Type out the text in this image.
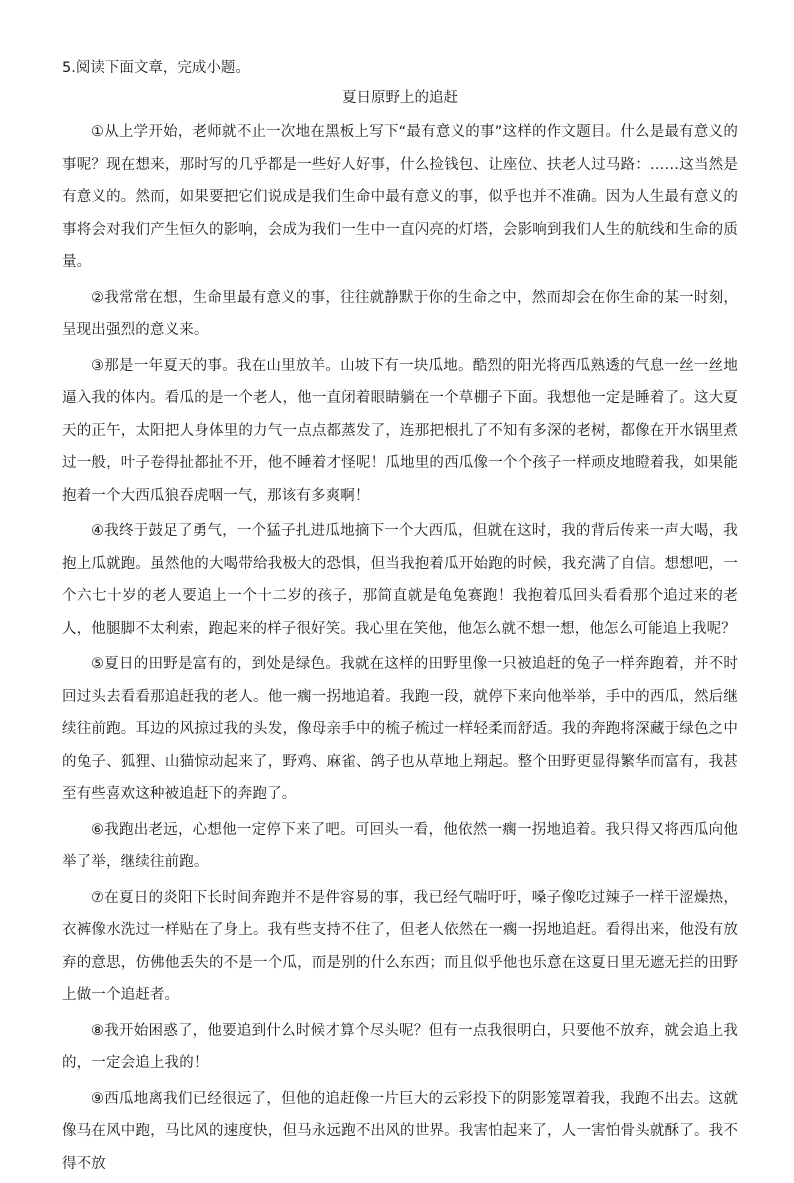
5.阅读下面文章，完成小题。
夏日原野上的追赶

①从上学开始，老师就不止一次地在黑板上写下“最有意义的事”这样的作文题目。什么是最有意义的事呢？现在想来，那时写的几乎都是一些好人好事，什么捡钱包、让座位、扶老人过马路：……这当然是有意义的。然而，如果要把它们说成是我们生命中最有意义的事，似乎也并不准确。因为人生最有意义的事将会对我们产生恒久的影响，会成为我们一生中一直闪亮的灯塔，会影响到我们人生的航线和生命的质量。

②我常常在想，生命里最有意义的事，往往就静默于你的生命之中，然而却会在你生命的某一时刻，呈现出强烈的意义来。

③那是一年夏天的事。我在山里放羊。山坡下有一块瓜地。酷烈的阳光将西瓜熟透的气息一丝一丝地逼入我的体内。看瓜的是一个老人，他一直闭着眼睛躺在一个草棚子下面。我想他一定是睡着了。这大夏天的正午，太阳把人身体里的力气一点点都蒸发了，连那把根扎了不知有多深的老树，都像在开水锅里煮过一般，叶子卷得扯都扯不开，他不睡着才怪呢！瓜地里的西瓜像一个个孩子一样顽皮地瞪着我，如果能抱着一个大西瓜狼吞虎咽一气，那该有多爽啊！

④我终于鼓足了勇气，一个猛子扎进瓜地摘下一个大西瓜，但就在这时，我的背后传来一声大喝，我抱上瓜就跑。虽然他的大喝带给我极大的恐惧，但当我抱着瓜开始跑的时候，我充满了自信。想想吧，一个六七十岁的老人要追上一个十二岁的孩子，那简直就是龟兔赛跑！我抱着瓜回头看看那个追过来的老人，他腿脚不太利索，跑起来的样子很好笑。我心里在笑他，他怎么就不想一想，他怎么可能追上我呢？

⑤夏日的田野是富有的，到处是绿色。我就在这样的田野里像一只被追赶的兔子一样奔跑着，并不时回过头去看看那追赶我的老人。他一瘸一拐地追着。我跑一段，就停下来向他举举，手中的西瓜，然后继续往前跑。耳边的风掠过我的头发，像母亲手中的梳子梳过一样轻柔而舒适。我的奔跑将深藏于绿色之中的兔子、狐狸、山猫惊动起来了，野鸡、麻雀、鸽子也从草地上翔起。整个田野更显得繁华而富有，我甚至有些喜欢这种被追赶下的奔跑了。

⑥我跑出老远，心想他一定停下来了吧。可回头一看，他依然一瘸一拐地追着。我只得又将西瓜向他举了举，继续往前跑。

⑦在夏日的炎阳下长时间奔跑并不是件容易的事，我已经气喘吁吁，嗓子像吃过辣子一样干涩燥热，衣裤像水洗过一样贴在了身上。我有些支持不住了，但老人依然在一瘸一拐地追赶。看得出来，他没有放弃的意思，仿佛他丢失的不是一个瓜，而是别的什么东西；而且似乎他也乐意在这夏日里无遮无拦的田野上做一个追赶者。

⑧我开始困惑了，他要追到什么时候才算个尽头呢？但有一点我很明白，只要他不放弃，就会追上我的，一定会追上我的！

⑨西瓜地离我们已经很远了，但他的追赶像一片巨大的云彩投下的阴影笼罩着我，我跑不出去。这就像马在风中跑，马比风的速度快，但马永远跑不出风的世界。我害怕起来了，人一害怕骨头就酥了。我不得不放
